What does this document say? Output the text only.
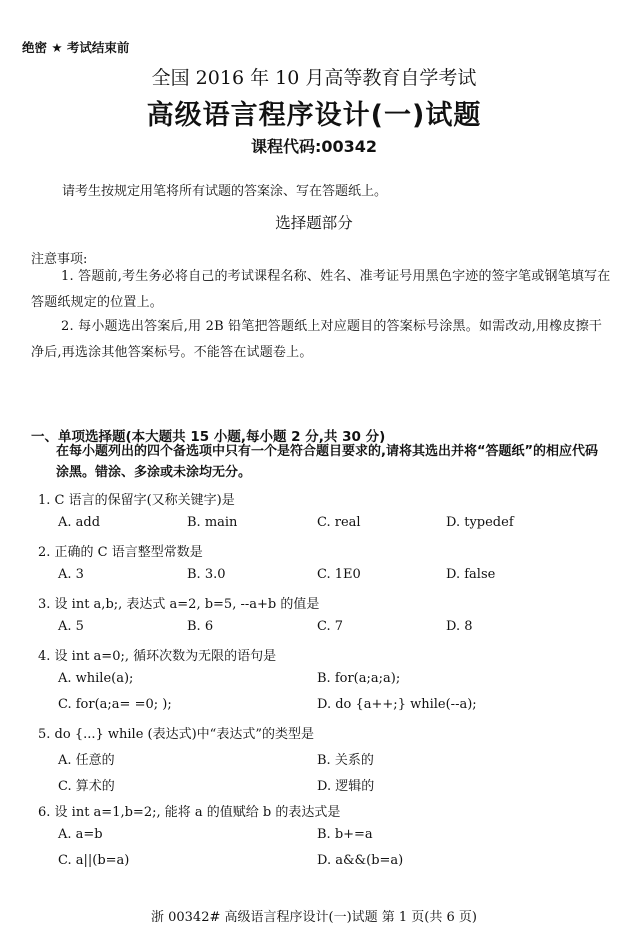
绝密 ★ 考试结束前
全国 2016 年 10 月高等教育自学考试
高级语言程序设计(一)试题
课程代码:00342
请考生按规定用笔将所有试题的答案涂、写在答题纸上。
选择题部分
注意事项:
1. 答题前,考生务必将自己的考试课程名称、姓名、准考证号用黑色字迹的签字笔或钢笔填写在答题纸规定的位置上。
2. 每小题选出答案后,用 2B 铅笔把答题纸上对应题目的答案标号涂黑。如需改动,用橡皮擦干净后,再选涂其他答案标号。不能答在试题卷上。
一、单项选择题(本大题共 15 小题,每小题 2 分,共 30 分)
在每小题列出的四个备选项中只有一个是符合题目要求的,请将其选出并将“答题纸”的相应代码涂黑。错涂、多涂或未涂均无分。
1. C 语言的保留字(又称关键字)是
A. add	B. main	C. real	D. typedef
2. 正确的 C 语言整型常数是
A. 3	B. 3.0	C. 1E0	D. false
3. 设 int a,b;, 表达式 a=2, b=5, --a+b 的值是
A. 5	B. 6	C. 7	D. 8
4. 设 int a=0;, 循环次数为无限的语句是
A. while(a);	B. for(a;a;a);
C. for(a;a= =0; );	D. do {a++;} while(--a);
5. do {...} while (表达式)中“表达式”的类型是
A. 任意的	B. 关系的
C. 算术的	D. 逻辑的
6. 设 int a=1,b=2;, 能将 a 的值赋给 b 的表达式是
A. a=b	B. b+=a
C. a||(b=a)	D. a&&(b=a)
浙 00342# 高级语言程序设计(一)试题 第 1 页(共 6 页)
